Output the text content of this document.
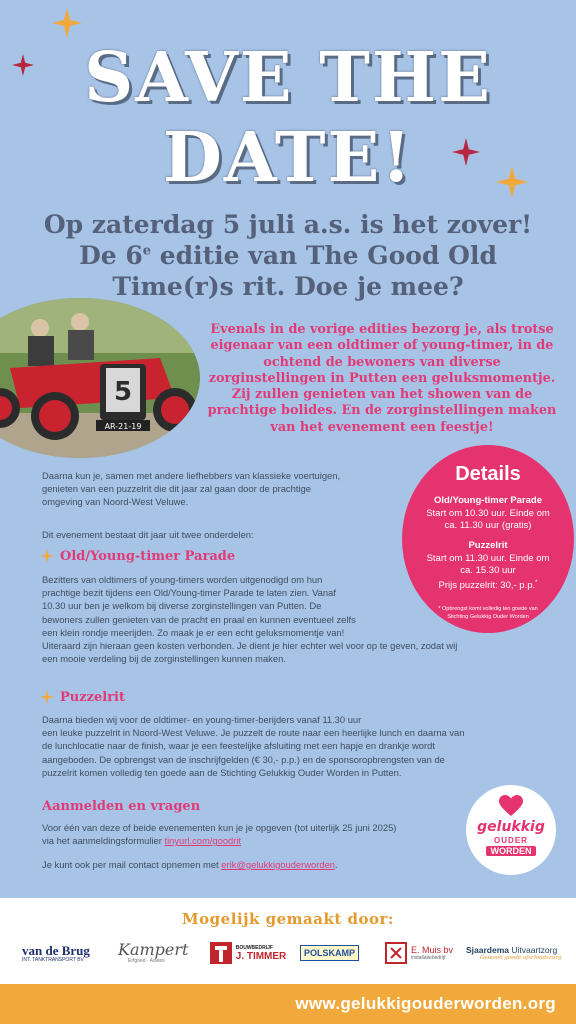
SAVE THE
DATE!
Op zaterdag 5 juli a.s. is het zover!
De 6e editie van The Good Old
Time(r)s rit. Doe je mee?
5
AR-21-19
Evenals in de vorige edities bezorg je, als trotse
eigenaar van een oldtimer of young-timer, in de
ochtend de bewoners van diverse
zorginstellingen in Putten een geluksmomentje.
Zij zullen genieten van het showen van de
prachtige bolides. En de zorginstellingen maken
van het evenement een feestje!
Details
Old/Young-timer Parade
Start om 10.30 uur. Einde om
ca. 11.30 uur (gratis)
Puzzelrit
Start om 11.30 uur. Einde om
ca. 15.30 uur
Prijs puzzelrit: 30,- p.p.*
* Opbrengst komt volledig ten goede van
Stichting Gelukkig Ouder Worden
Daarna kun je, samen met andere liefhebbers van klassieke voertuigen,
genieten van een puzzelrit die dit jaar zal gaan door de prachtige
omgeving van Noord-West Veluwe.
Dit evenement bestaat dit jaar uit twee onderdelen:
Old/Young-timer Parade
Bezitters van oldtimers of young-timers worden uitgenodigd om hun
prachtige bezit tijdens een Old/Young-timer Parade te laten zien. Vanaf
10.30 uur ben je welkom bij diverse zorginstellingen van Putten. De
bewoners zullen genieten van de pracht en praal en kunnen eventueel zelfs
een klein rondje meerijden. Zo maak je er een echt geluksmomentje van!
Uiteraard zijn hieraan geen kosten verbonden. Je dient je hier echter wel voor op te geven, zodat wij
een mooie verdeling bij de zorginstellingen kunnen maken.
Puzzelrit
Daarna bieden wij voor de oldtimer- en young-timer-berijders vanaf 11.30 uur
een leuke puzzelrit in Noord-West Veluwe. Je puzzelt de route naar een heerlijke lunch en daarna van
de lunchlocatie naar de finish, waar je een feestelijke afsluiting met een hapje en drankje wordt
aangeboden. De opbrengst van de inschrijfgelden (€ 30,- p.p.) en de sponsoropbrengsten van de
puzzelrit komen volledig ten goede aan de Stichting Gelukkig Ouder Worden in Putten.
Aanmelden en vragen
Voor één van deze of beide evenementen kun je je opgeven (tot uiterlijk 25 juni 2025)
via het aanmeldingsformulier tinyurl.com/goodrit
Je kunt ook per mail contact opnemen met erik@gelukkigouderworden.
gelukkig
OUDER
WORDEN
Mogelijk gemaakt door:
van de Brug
INT. TANKTRANSPORT BV
Kampert
Erfgoed · Advies
BOUWBEDRIJF
J. TIMMER	POLSKAMP	E. Muis bv
installatiebedrijf
Sjaardema Uitvaartzorg
Gewoon goede afscheidszorg
www.gelukkigouderworden.org
